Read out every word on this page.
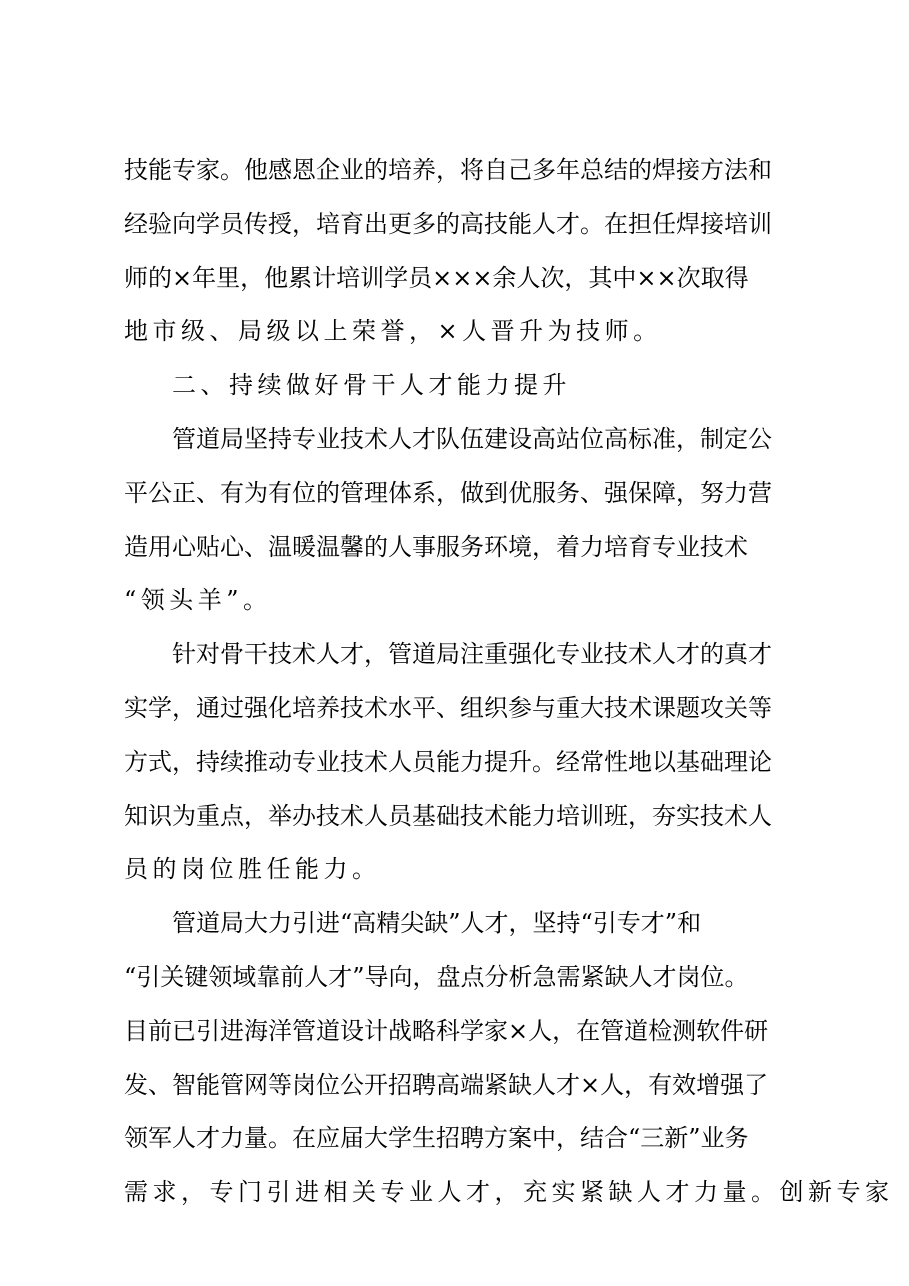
技能专家。他感恩企业的培养，将自己多年总结的焊接方法和
经验向学员传授，培育出更多的高技能人才。在担任焊接培训
师的×年里，他累计培训学员×××余人次，其中××次取得
地市级、局级以上荣誉，×人晋升为技师。
二、持续做好骨干人才能力提升
管道局坚持专业技术人才队伍建设高站位高标准，制定公
平公正、有为有位的管理体系，做到优服务、强保障，努力营
造用心贴心、温暖温馨的人事服务环境，着力培育专业技术
“领头羊”。
针对骨干技术人才，管道局注重强化专业技术人才的真才
实学，通过强化培养技术水平、组织参与重大技术课题攻关等
方式，持续推动专业技术人员能力提升。经常性地以基础理论
知识为重点，举办技术人员基础技术能力培训班，夯实技术人
员的岗位胜任能力。
管道局大力引进“高精尖缺”人才，坚持“引专才”和
“引关键领域靠前人才”导向，盘点分析急需紧缺人才岗位。
目前已引进海洋管道设计战略科学家×人，在管道检测软件研
发、智能管网等岗位公开招聘高端紧缺人才×人，有效增强了
领军人才力量。在应届大学生招聘方案中，结合“三新”业务
需求，专门引进相关专业人才，充实紧缺人才力量。创新专家
